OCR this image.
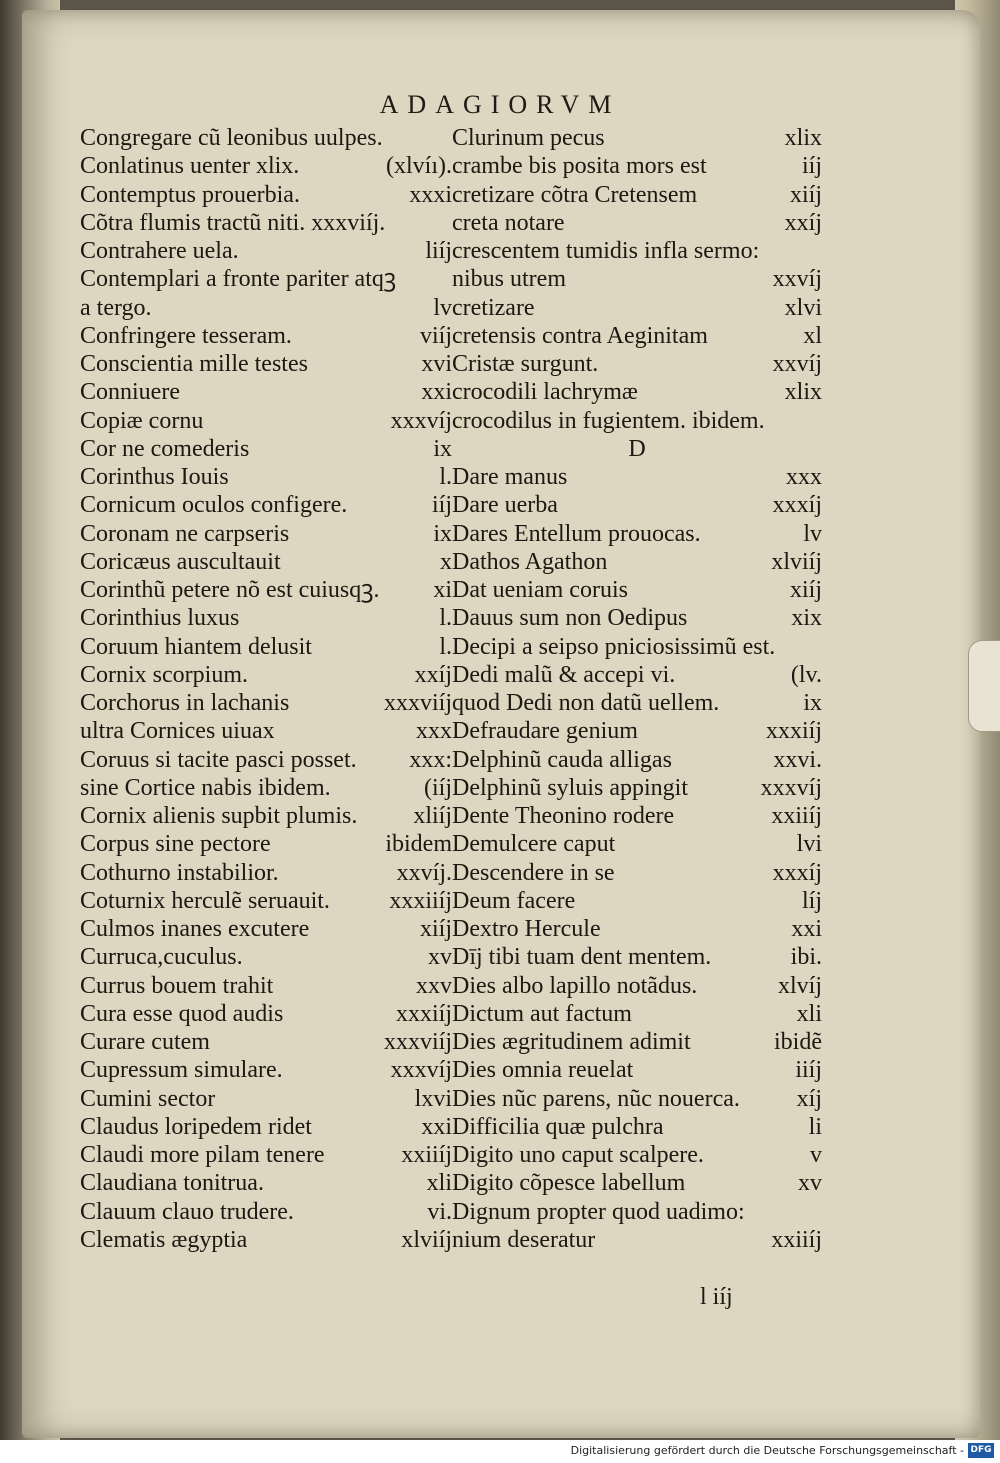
ADAGIORVM
Congregare cũ leonibus uulpes.
Conlatinus uenter xlix.	(xlvíı).
Contemptus prouerbia.	xxxi
Cõtra flumis tractũ niti. xxxviíj.
Contrahere uela.	liíj
Contemplari a fronte pariter atqꝫ
a tergo.	lv
Confringere tesseram.	viíj
Conscientia mille testes	xvi
Conniuere	xxi
Copiæ cornu	xxxvíj
Cor ne comederis	ix
Corinthus Iouis	l.
Cornicum oculos configere.	iíj
Coronam ne carpseris	ix
Coricæus auscultauit	x
Corinthũ petere nõ est cuiusqꝫ. xi
Corinthius luxus	l.
Coruum hiantem delusit	l.
Cornix scorpium.	xxíj
Corchorus in lachanis	xxxviíj
ultra Cornices uiuax	xxx
Coruus si tacite pasci posset. xxx:
sine Cortice nabis ibidem.	(iíj
Cornix alienis supbit plumis. xliíj
Corpus sine pectore	ibidem
Cothurno instabilior.	xxvíj.
Coturnix herculẽ seruauit. xxxiiíj
Culmos inanes excutere	xiíj
Curruca,cuculus.	xv
Currus bouem trahit	xxv
Cura esse quod audis	xxxiíj
Curare cutem	xxxviíj
Cupressum simulare.	xxxvíj
Cumini sector	lxvi
Claudus loripedem ridet	xxi
Claudi more pilam tenere	xxiiíj
Claudiana tonitrua.	xli
Clauum clauo trudere.	vi.
Clematis ægyptia	xlviíj
Clurinum pecus	xlix
crambe bis posita mors est	iíj
cretizare cõtra Cretensem	xiíj
creta notare	xxíj
crescentem tumidis infla sermo:
nibus utrem	xxvíj
cretizare	xlvi
cretensis contra Aeginitam	xl
Cristæ surgunt.	xxvíj
crocodili lachrymæ	xlix
crocodilus in fugientem. ibidem.
D
Dare manus	xxx
Dare uerba	xxxíj
Dares Entellum prouocas.	lv
Dathos Agathon	xlviíj
Dat ueniam coruis	xiíj
Dauus sum non Oedipus	xix
Decipi a seipso pniciosissimũ est.
Dedi malũ & accepi vi.	(lv.
quod Dedi non datũ uellem.	ix
Defraudare genium	xxxiíj
Delphinũ cauda alligas	xxvi.
Delphinũ syluis appingit	xxxvíj
Dente Theonino rodere	xxiiíj
Demulcere caput	lvi
Descendere in se	xxxíj
Deum facere	líj
Dextro Hercule	xxi
Dīj tibi tuam dent mentem.	ibi.
Dies albo lapillo notãdus.	xlvíj
Dictum aut factum	xli
Dies ægritudinem adimit	ibidẽ
Dies omnia reuelat	iiíj
Dies nũc parens, nũc nouerca. xíj
Difficilia quæ pulchra	li
Digito uno caput scalpere.	v
Digito cõpesce labellum	xv
Dignum propter quod uadimo:
nium deseratur	xxiiíj
l iíj
Digitalisierung gefördert durch die Deutsche Forschungsgemeinschaft - DFG
